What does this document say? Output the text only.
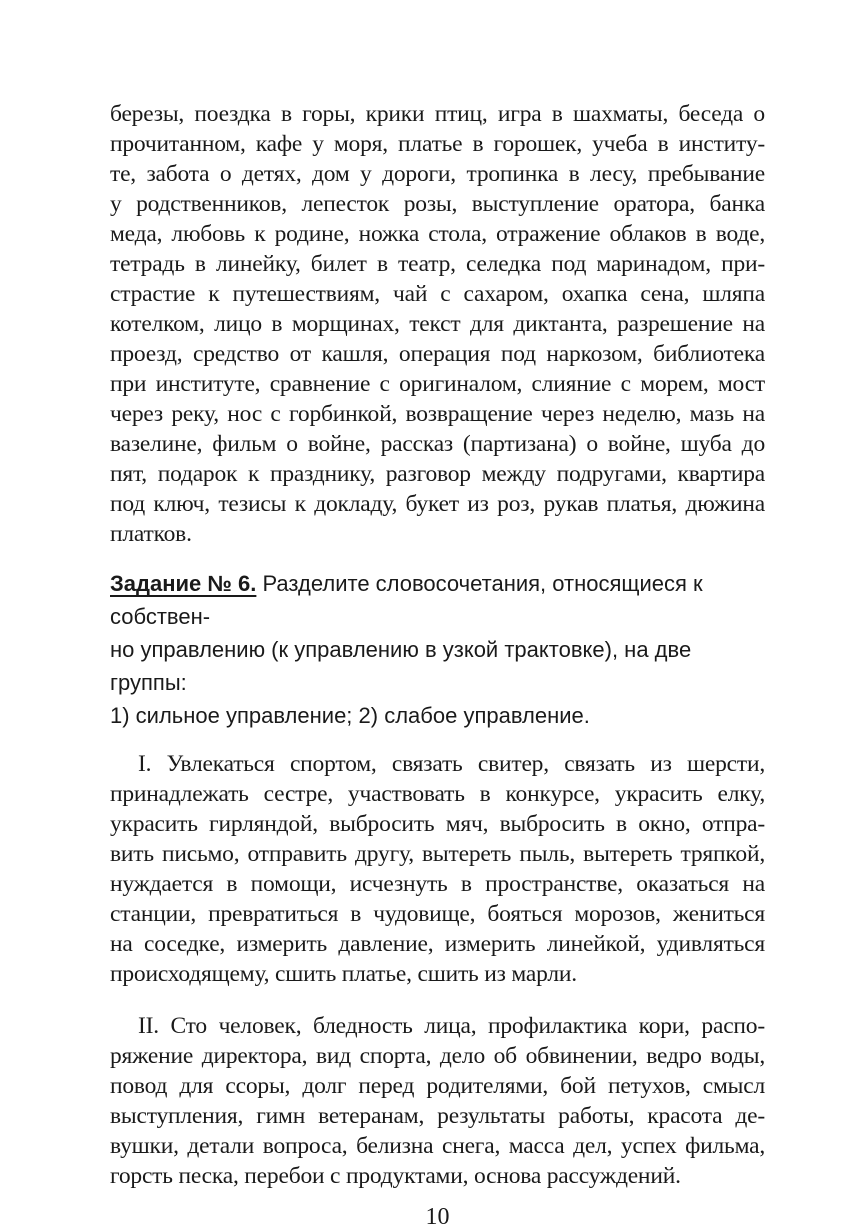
березы, поездка в горы, крики птиц, игра в шахматы, беседа о
прочитанном, кафе у моря, платье в горошек, учеба в институ-
те, забота о детях, дом у дороги, тропинка в лесу, пребывание
у родственников, лепесток розы, выступление оратора, банка
меда, любовь к родине, ножка стола, отражение облаков в воде,
тетрадь в линейку, билет в театр, селедка под маринадом, при-
страстие к путешествиям, чай с сахаром, охапка сена, шляпа
котелком, лицо в морщинах, текст для диктанта, разрешение на
проезд, средство от кашля, операция под наркозом, библиотека
при институте, сравнение с оригиналом, слияние с морем, мост
через реку, нос с горбинкой, возвращение через неделю, мазь на
вазелине, фильм о войне, рассказ (партизана) о войне, шуба до
пят, подарок к празднику, разговор между подругами, квартира
под ключ, тезисы к докладу, букет из роз, рукав платья, дюжина
платков.
Задание № 6. Разделите словосочетания, относящиеся к собствен-
но управлению (к управлению в узкой трактовке), на две группы:
1) сильное управление; 2) слабое управление.
I. Увлекаться спортом, связать свитер, связать из шерсти,
принадлежать сестре, участвовать в конкурсе, украсить елку,
украсить гирляндой, выбросить мяч, выбросить в окно, отпра-
вить письмо, отправить другу, вытереть пыль, вытереть тряпкой,
нуждается в помощи, исчезнуть в пространстве, оказаться на
станции, превратиться в чудовище, бояться морозов, жениться
на соседке, измерить давление, измерить линейкой, удивляться
происходящему, сшить платье, сшить из марли.
II. Сто человек, бледность лица, профилактика кори, распо-
ряжение директора, вид спорта, дело об обвинении, ведро воды,
повод для ссоры, долг перед родителями, бой петухов, смысл
выступления, гимн ветеранам, результаты работы, красота де-
вушки, детали вопроса, белизна снега, масса дел, успех фильма,
горсть песка, перебои с продуктами, основа рассуждений.
10
